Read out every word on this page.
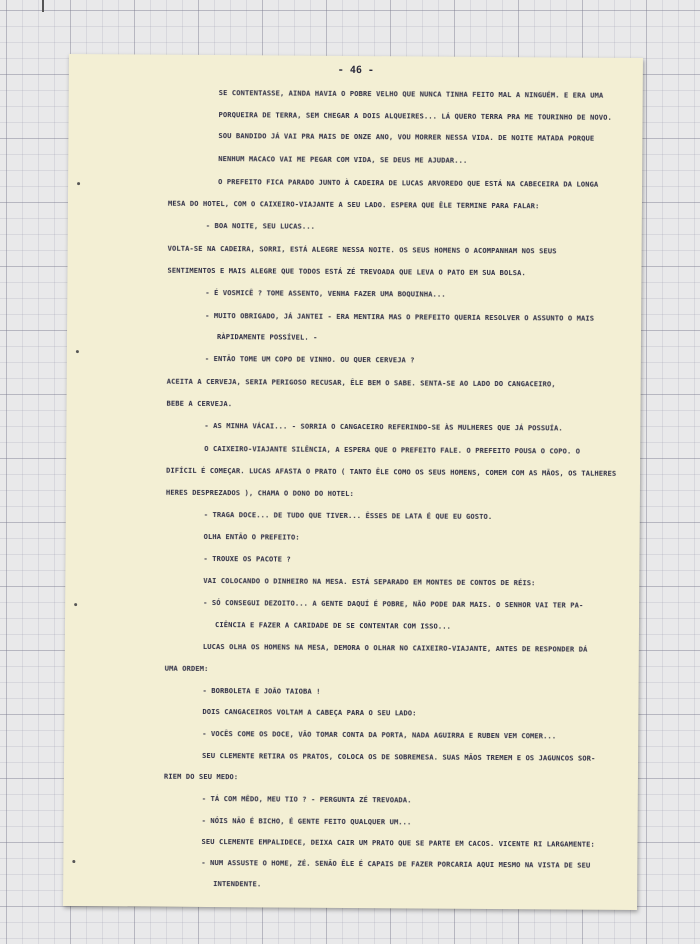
- 46 -
SE CONTENTASSE, AINDA HAVIA O POBRE VELHO QUE NUNCA TINHA FEITO MAL A NINGUÉM. E ERA UMA
PORQUEIRA DE TERRA, SEM CHEGAR A DOIS ALQUEIRES... LÁ QUERO TERRA PRA ME TOURINHO DE NOVO.
SOU BANDIDO JÁ VAI PRA MAIS DE ONZE ANO, VOU MORRER NESSA VIDA. DE NOITE MATADA PORQUE
NENHUM MACACO VAI ME PEGAR COM VIDA, SE DEUS ME AJUDAR...
O PREFEITO FICA PARADO JUNTO À CADEIRA DE LUCAS ARVOREDO QUE ESTÁ NA CABECEIRA DA LONGA
MESA DO HOTEL, COM O CAIXEIRO-VIAJANTE A SEU LADO. ESPERA QUE ÊLE TERMINE PARA FALAR:
- BOA NOITE, SEU LUCAS...
VOLTA-SE NA CADEIRA, SORRI, ESTÁ ALEGRE NESSA NOITE. OS SEUS HOMENS O ACOMPANHAM NOS SEUS
SENTIMENTOS E MAIS ALEGRE QUE TODOS ESTÁ ZÉ TREVOADA QUE LEVA O PATO EM SUA BOLSA.
- É VOSMICÊ ? TOME ASSENTO, VENHA FAZER UMA BOQUINHA...
- MUITO OBRIGADO, JÁ JANTEI - ERA MENTIRA MAS O PREFEITO QUERIA RESOLVER O ASSUNTO O MAIS
RÀPIDAMENTE POSSÍVEL. -
- ENTÃO TOME UM COPO DE VINHO. OU QUER CERVEJA ?
ACEITA A CERVEJA, SERIA PERIGOSO RECUSAR, ÊLE BEM O SABE. SENTA-SE AO LADO DO CANGACEIRO,
BEBE A CERVEJA.
- AS MINHA VÁCAI... - SORRIA O CANGACEIRO REFERINDO-SE ÀS MULHERES QUE JÁ POSSUÍA.
O CAIXEIRO-VIAJANTE SILÊNCIA, A ESPERA QUE O PREFEITO FALE. O PREFEITO POUSA O COPO. O
DIFÍCIL É COMEÇAR. LUCAS AFASTA O PRATO ( TANTO ÊLE COMO OS SEUS HOMENS, COMEM COM AS MÃOS, OS TALHERES
HERES DESPREZADOS ), CHAMA O DONO DO HOTEL:
- TRAGA DOCE... DE TUDO QUE TIVER... ÊSSES DE LATA É QUE EU GOSTO.
OLHA ENTÃO O PREFEITO:
- TROUXE OS PACOTE ?
VAI COLOCANDO O DINHEIRO NA MESA. ESTÁ SEPARADO EM MONTES DE CONTOS DE RÉIS:
- SÓ CONSEGUI DEZOITO... A GENTE DAQUÍ É POBRE, NÃO PODE DAR MAIS. O SENHOR VAI TER PA-
CIÊNCIA E FAZER A CARIDADE DE SE CONTENTAR COM ISSO...
LUCAS OLHA OS HOMENS NA MESA, DEMORA O OLHAR NO CAIXEIRO-VIAJANTE, ANTES DE RESPONDER DÁ
UMA ORDEM:
- BORBOLETA E JOÃO TAIOBA !
DOIS CANGACEIROS VOLTAM A CABEÇA PARA O SEU LADO:
- VOCÊS COME OS DOCE, VÃO TOMAR CONTA DA PORTA, NADA AGUIRRA E RUBEN VEM COMER...
SEU CLEMENTE RETIRA OS PRATOS, COLOCA OS DE SOBREMESA. SUAS MÃOS TREMEM E OS JAGUNCOS SOR-
RIEM DO SEU MEDO:
- TÁ COM MÊDO, MEU TIO ? - PERGUNTA ZÉ TREVOADA.
- NÓIS NÃO É BICHO, É GENTE FEITO QUALQUER UM...
SEU CLEMENTE EMPALIDECE, DEIXA CAIR UM PRATO QUE SE PARTE EM CACOS. VICENTE RI LARGAMENTE:
- NUM ASSUSTE O HOME, ZÉ. SENÃO ÊLE É CAPAIS DE FAZER PORCARIA AQUI MESMO NA VISTA DE SEU
INTENDENTE.
